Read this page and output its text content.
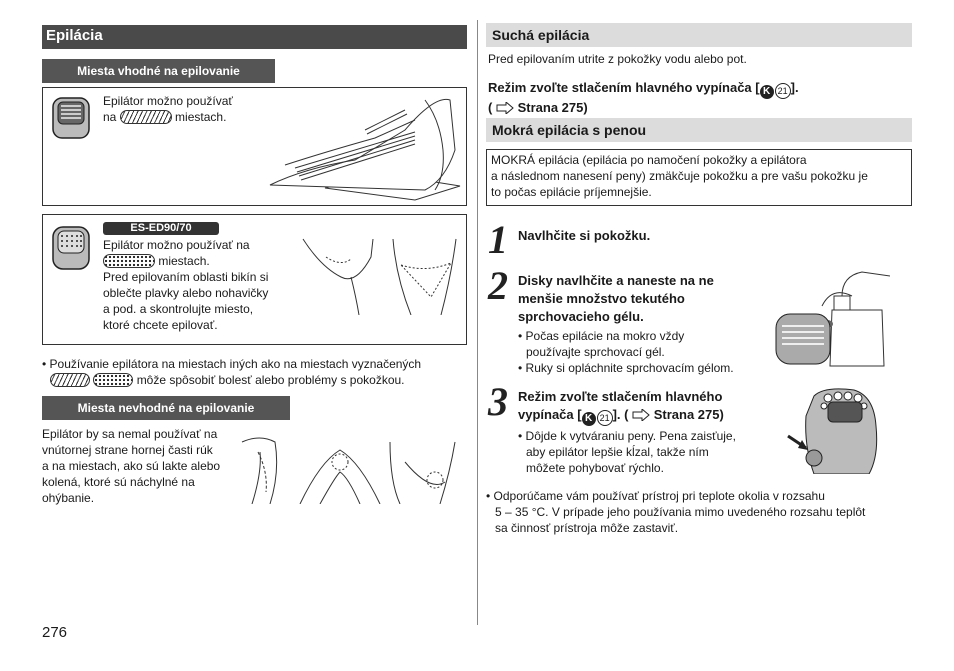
Epilácia
Miesta vhodné na epilovanie
Epilátor možno používať
na	miestach.
ES-ED90/70
Epilátor možno používať na
miestach.
Pred epilovaním oblasti bikín si
oblečte plavky alebo nohavičky
a pod. a skontrolujte miesto,
ktoré chcete epilovať.
• Používanie epilátora na miestach iných ako na miestach vyznačených
môže spôsobiť bolesť alebo problémy s pokožkou.
Miesta nevhodné na epilovanie
Epilátor by sa nemal používať na
vnútornej strane hornej časti rúk
a na miestach, ako sú lakte alebo
kolená, ktoré sú náchylné na
ohýbanie.
276
Suchá epilácia
Pred epilovaním utrite z pokožky vodu alebo pot.
Režim zvoľte stlačením hlavného vypínača [ K 21 ].
( Strana 275)
Mokrá epilácia s penou
MOKRÁ epilácia (epilácia po namočení pokožky a epilátora
a následnom nanesení peny) zmäkčuje pokožku a pre vašu pokožku je
to počas epilácie príjemnejšie.
1 Navlhčite si pokožku.
2 Disky navlhčite a naneste na ne
menšie množstvo tekutého
sprchovacieho gélu.
• Počas epilácie na mokro vždy
používajte sprchovací gél.
• Ruky si opláchnite sprchovacím gélom.
3 Režim zvoľte stlačením hlavného
vypínača [ K 21 ]. ( Strana 275)
• Dôjde k vytváraniu peny. Pena zaisťuje,
aby epilátor lepšie kĺzal, takže ním
môžete pohybovať rýchlo.
• Odporúčame vám používať prístroj pri teplote okolia v rozsahu
5 – 35 °C. V prípade jeho používania mimo uvedeného rozsahu teplôt
sa činnosť prístroja môže zastaviť.
